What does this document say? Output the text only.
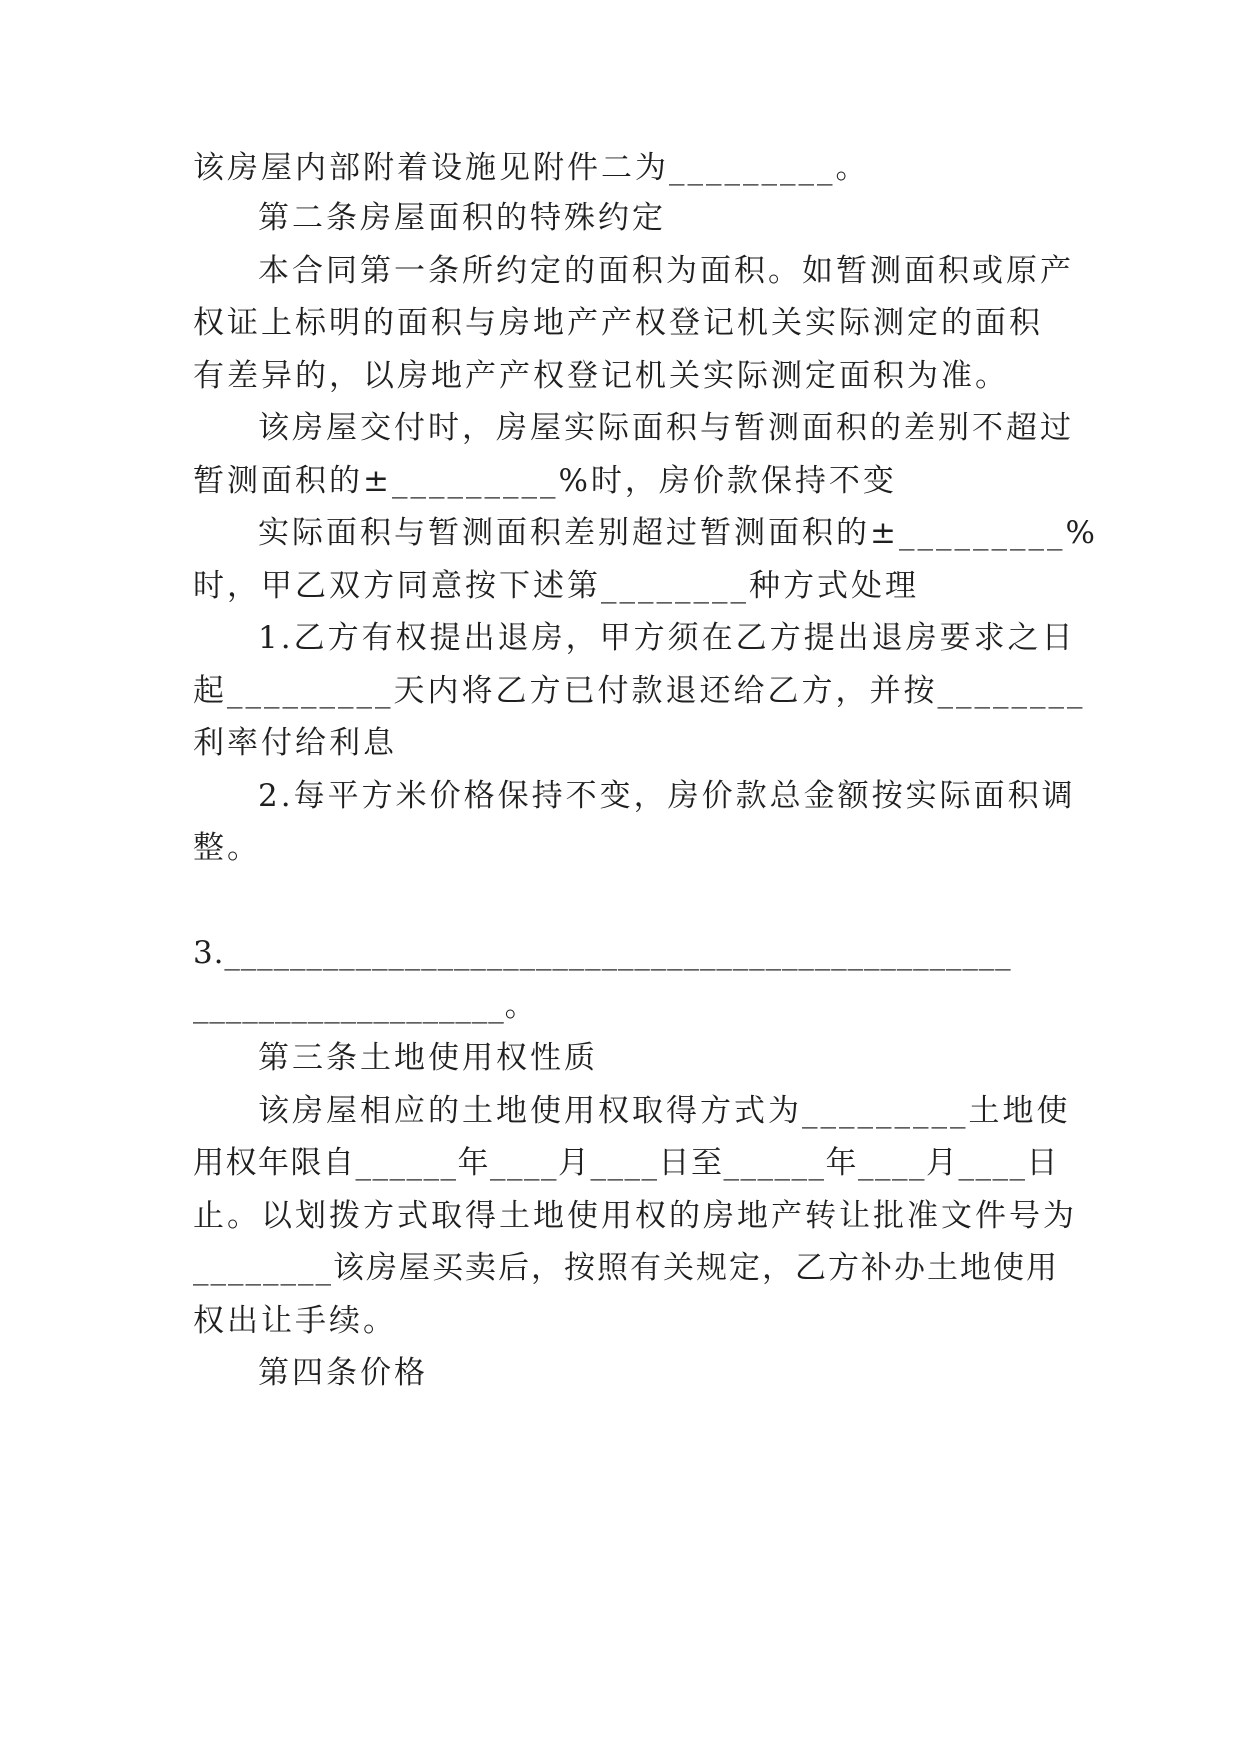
该房屋内部附着设施见附件二为_________。
第二条房屋面积的特殊约定
本合同第一条所约定的面积为面积。如暂测面积或原产
权证上标明的面积与房地产产权登记机关实际测定的面积
有差异的，以房地产产权登记机关实际测定面积为准。
该房屋交付时，房屋实际面积与暂测面积的差别不超过
暂测面积的±_________%时，房价款保持不变
实际面积与暂测面积差别超过暂测面积的±_________%
时，甲乙双方同意按下述第________种方式处理
1.乙方有权提出退房，甲方须在乙方提出退房要求之日
起_________天内将乙方已付款退还给乙方，并按________
利率付给利息
2.每平方米价格保持不变，房价款总金额按实际面积调
整。
3.________________________________________________
___________________。
第三条土地使用权性质
该房屋相应的土地使用权取得方式为_________土地使
用权年限自______年____月____日至______年____月____日
止。以划拨方式取得土地使用权的房地产转让批准文件号为
________该房屋买卖后，按照有关规定，乙方补办土地使用
权出让手续。
第四条价格
